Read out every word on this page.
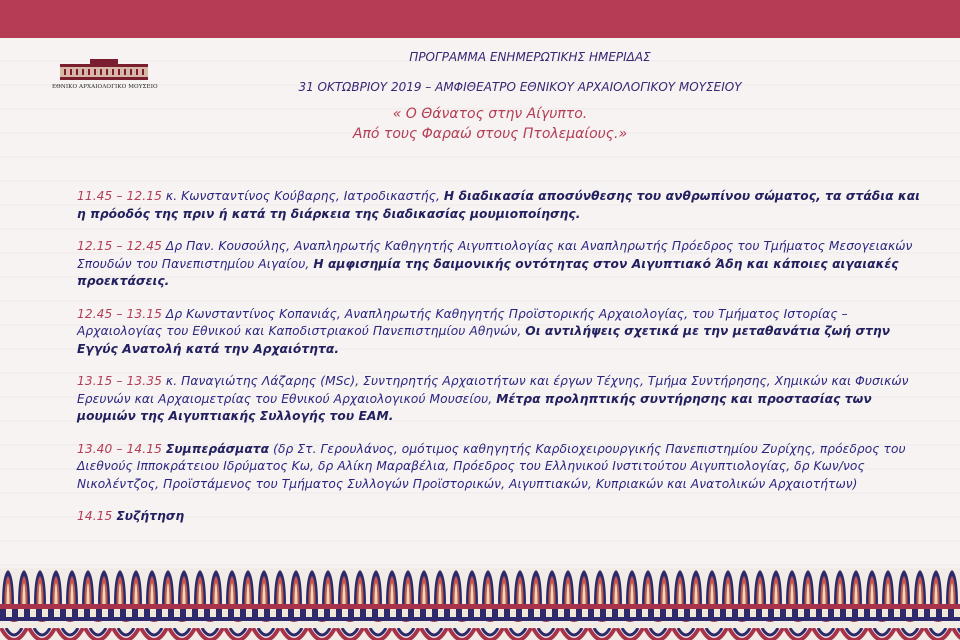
ΕΘΝΙΚΟ ΑΡΧΑΙΟΛΟΓΙΚΟ ΜΟΥΣΕΙΟ
ΠΡΟΓΡΑΜΜΑ ΕΝΗΜΕΡΩΤΙΚΗΣ ΗΜΕΡΙΔΑΣ
31 ΟΚΤΩΒΡΙΟΥ 2019 – ΑΜΦΙΘΕΑΤΡΟ ΕΘΝΙΚΟΥ ΑΡΧΑΙΟΛΟΓΙΚΟΥ ΜΟΥΣΕΙΟΥ
« Ο Θάνατος στην Αίγυπτο.
Από τους Φαραώ στους Πτολεμαίους.»
11.45 – 12.15 κ. Κωνσταντίνος Κούβαρης, Ιατροδικαστής, Η διαδικασία αποσύνθεσης του ανθρωπίνου σώματος, τα στάδια και η πρόοδός της πριν ή κατά τη διάρκεια της διαδικασίας μουμιοποίησης.
12.15 – 12.45 Δρ Παν. Κουσούλης, Αναπληρωτής Καθηγητής Αιγυπτιολογίας και Αναπληρωτής Πρόεδρος του Τμήματος Μεσογειακών Σπουδών του Πανεπιστημίου Αιγαίου, Η αμφισημία της δαιμονικής οντότητας στον Αιγυπτιακό Άδη και κάποιες αιγαιακές προεκτάσεις.
12.45 – 13.15 Δρ Κωνσταντίνος Κοπανιάς, Αναπληρωτής Καθηγητής Προϊστορικής Αρχαιολογίας, του Τμήματος Ιστορίας – Αρχαιολογίας του Εθνικού και Καποδιστριακού Πανεπιστημίου Αθηνών, Οι αντιλήψεις σχετικά με την μεταθανάτια ζωή στην Εγγύς Ανατολή κατά την Αρχαιότητα.
13.15 – 13.35 κ. Παναγιώτης Λάζαρης (MSc), Συντηρητής Αρχαιοτήτων και έργων Τέχνης, Τμήμα Συντήρησης, Χημικών και Φυσικών Ερευνών και Αρχαιομετρίας του Εθνικού Αρχαιολογικού Μουσείου, Μέτρα προληπτικής συντήρησης και προστασίας των μουμιών της Αιγυπτιακής Συλλογής του ΕΑΜ.
13.40 – 14.15 Συμπεράσματα (δρ Στ. Γερουλάνος, ομότιμος καθηγητής Καρδιοχειρουργικής Πανεπιστημίου Ζυρίχης, πρόεδρος του Διεθνούς Ιπποκράτειου Ιδρύματος Κω, δρ Αλίκη Μαραβέλια, Πρόεδρος του Ελληνικού Ινστιτούτου Αιγυπτιολογίας, δρ Κων/νος Νικολέντζος, Προϊστάμενος του Τμήματος Συλλογών Προϊστορικών, Αιγυπτιακών, Κυπριακών και Ανατολικών Αρχαιοτήτων)
14.15 Συζήτηση
